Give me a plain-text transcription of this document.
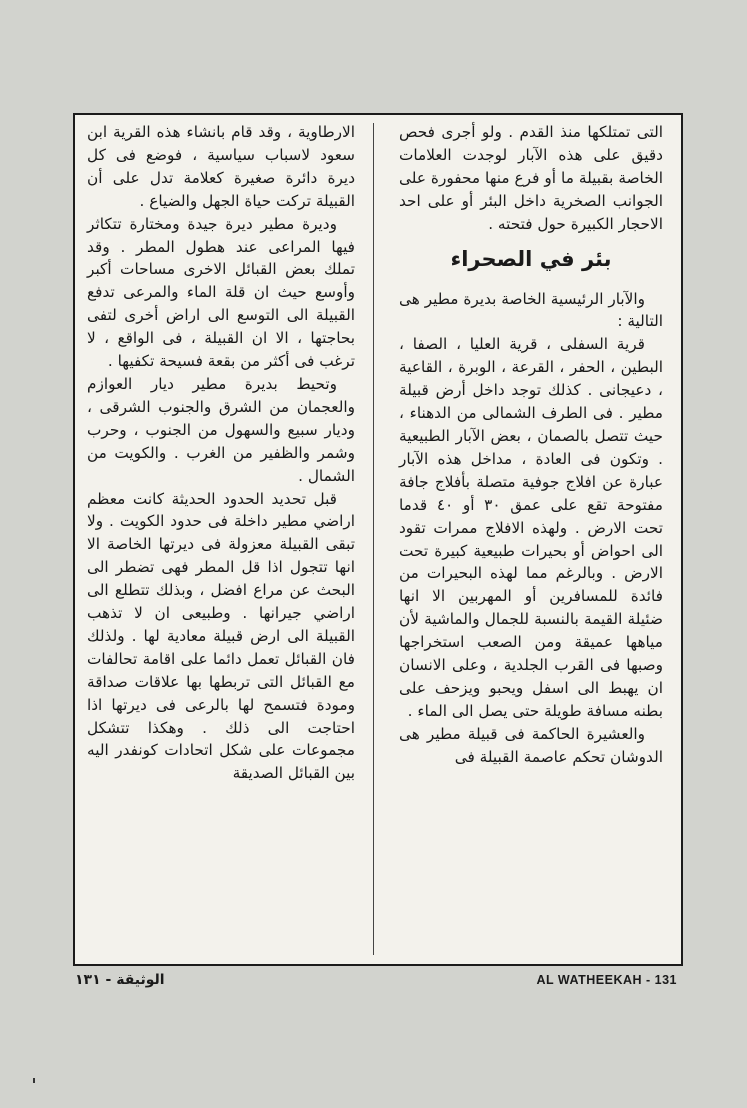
التى تمتلكها منذ القدم . ولو أجرى فحص دقيق على هذه الآبار لوجدت العلامات الخاصة بقبيلة ما أو فرع منها محفورة على الجوانب الصخرية داخل البئر أو على احد الاحجار الكبيرة حول فتحته .

بئر في الصحراء

والآبار الرئيسية الخاصة بديرة مطير هى التالية :

قرية السفلى ، قرية العليا ، الصفا ، البطين ، الحفر ، القرعة ، الوبرة ، القاعية ، دعيجانى . كذلك توجد داخل أرض قبيلة مطير . فى الطرف الشمالى من الدهناء ، حيث تتصل بالصمان ، بعض الآبار الطبيعية . وتكون فى العادة ، مداخل هذه الآبار عبارة عن افلاج جوفية متصلة بأفلاج جافة مفتوحة تقع على عمق ٣٠ أو ٤٠ قدما تحت الارض . ولهذه الافلاج ممرات تقود الى احواض أو بحيرات طبيعية كبيرة تحت الارض . وبالرغم مما لهذه البحيرات من فائدة للمسافرين أو المهربين الا انها ضئيلة القيمة بالنسبة للجمال والماشية لأن مياهها عميقة ومن الصعب استخراجها وصبها فى القرب الجلدية ، وعلى الانسان ان يهبط الى اسفل ويحبو ويزحف على بطنه مسافة طويلة حتى يصل الى الماء .

والعشيرة الحاكمة فى قبيلة مطير هى الدوشان تحكم عاصمة القبيلة فى

الارطاوية ، وقد قام بانشاء هذه القرية ابن سعود لاسباب سياسية ، فوضع فى كل ديرة دائرة صغيرة كعلامة تدل على أن القبيلة تركت حياة الجهل والضياع .

وديرة مطير ديرة جيدة ومختارة تتكاثر فيها المراعى عند هطول المطر . وقد تملك بعض القبائل الاخرى مساحات أكبر وأوسع حيث ان قلة الماء والمرعى تدفع القبيلة الى التوسع الى اراض أخرى لتفى بحاجتها ، الا ان القبيلة ، فى الواقع ، لا ترغب فى أكثر من بقعة فسيحة تكفيها .

وتحيط بديرة مطير ديار العوازم والعجمان من الشرق والجنوب الشرقى ، وديار سبيع والسهول من الجنوب ، وحرب وشمر والظفير من الغرب . والكويت من الشمال .

قبل تحديد الحدود الحديثة كانت معظم اراضي مطير داخلة فى حدود الكويت . ولا تبقى القبيلة معزولة فى ديرتها الخاصة الا انها تتجول اذا قل المطر فهى تضطر الى البحث عن مراع افضل ، وبذلك تتطلع الى اراضي جيرانها . وطبيعى ان لا تذهب القبيلة الى ارض قبيلة معادية لها . ولذلك فان القبائل تعمل دائما على اقامة تحالفات مع القبائل التى تربطها بها علاقات صداقة ومودة فتسمح لها بالرعى فى ديرتها اذا احتاجت الى ذلك . وهكذا تتشكل مجموعات على شكل اتحادات كونفدر اليه بين القبائل الصديقة

الوثيقة - ١٣١	AL WATHEEKAH - 131
